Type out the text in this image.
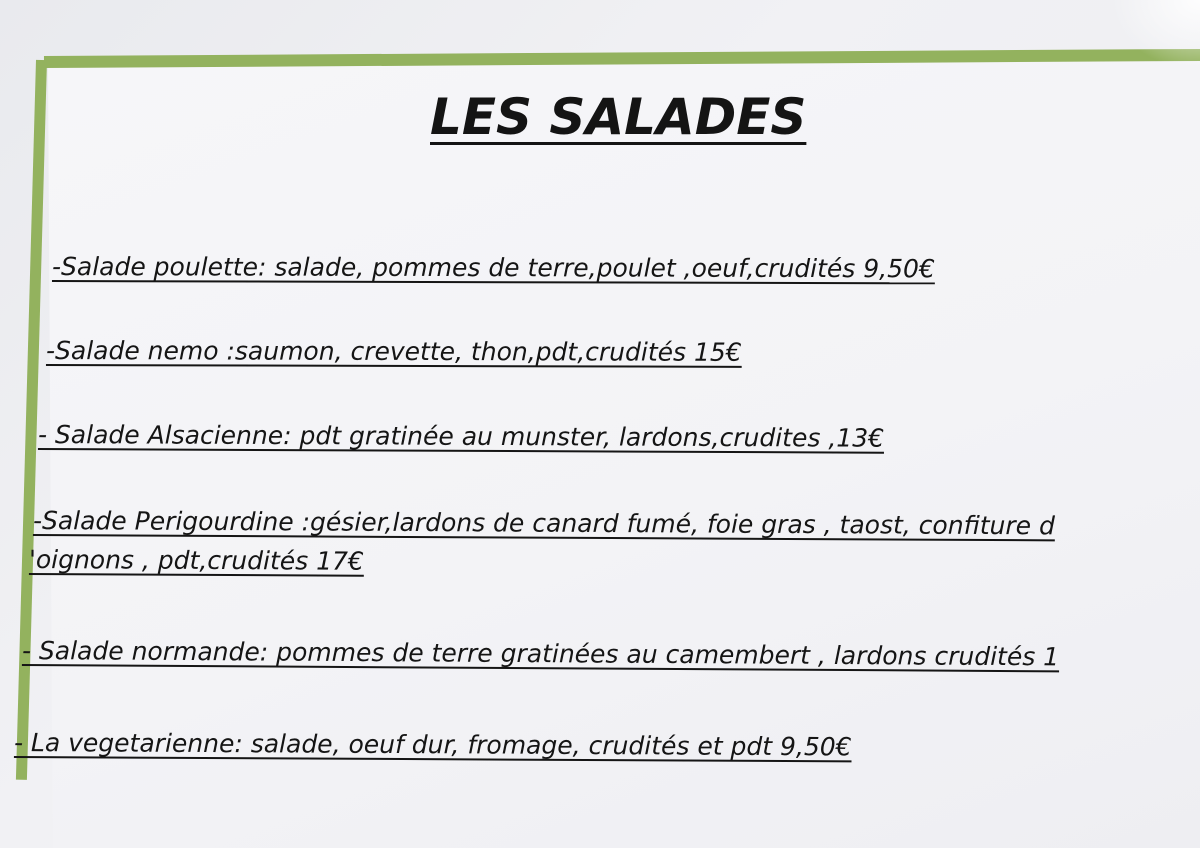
LES SALADES

-Salade poulette: salade, pommes de terre,poulet ,oeuf,crudités 9,50€

-Salade nemo :saumon, crevette, thon,pdt,crudités 15€

- Salade Alsacienne: pdt gratinée au munster, lardons,crudites ,13€

-Salade Perigourdine :gésier,lardons de canard fumé, foie gras , taost, confiture d

'oignons , pdt,crudités 17€

- Salade normande: pommes de terre gratinées au camembert , lardons crudités 1

- La vegetarienne: salade, oeuf dur, fromage, crudités et pdt 9,50€
